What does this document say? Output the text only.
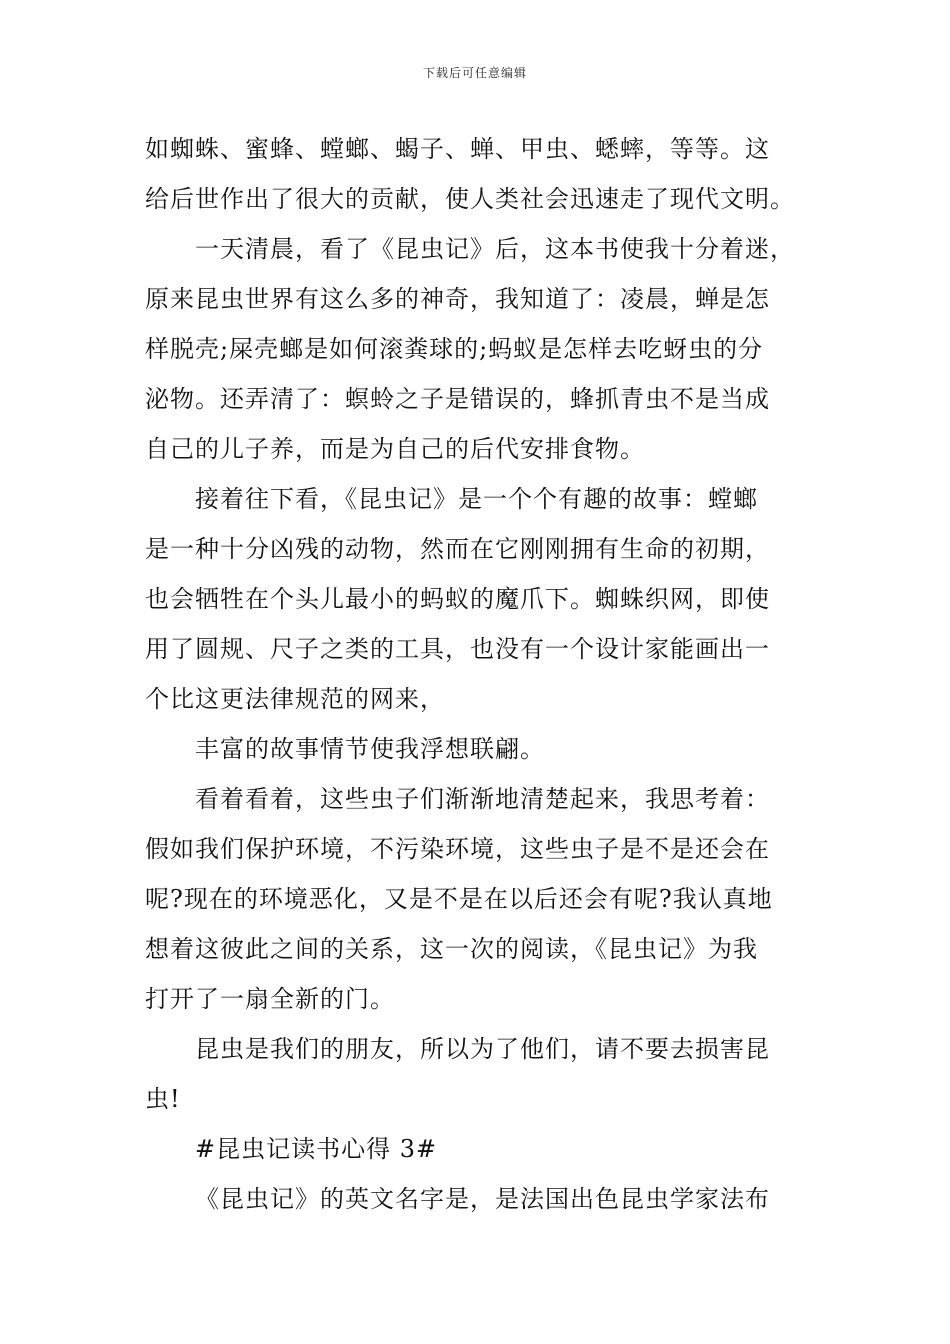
下载后可任意编辑
如蜘蛛、蜜蜂、螳螂、蝎子、蝉、甲虫、蟋蟀，等等。这
给后世作出了很大的贡献，使人类社会迅速走了现代文明。
一天清晨，看了《昆虫记》后，这本书使我十分着迷，
原来昆虫世界有这么多的神奇，我知道了：凌晨，蝉是怎
样脱壳;屎壳螂是如何滚粪球的;蚂蚁是怎样去吃蚜虫的分
泌物。还弄清了：螟蛉之子是错误的，蜂抓青虫不是当成
自己的儿子养，而是为自己的后代安排食物。
接着往下看，《昆虫记》是一个个有趣的故事：螳螂
是一种十分凶残的动物，然而在它刚刚拥有生命的初期，
也会牺牲在个头儿最小的蚂蚁的魔爪下。蜘蛛织网，即使
用了圆规、尺子之类的工具，也没有一个设计家能画出一
个比这更法律规范的网来，
丰富的故事情节使我浮想联翩。
看着看着，这些虫子们渐渐地清楚起来，我思考着：
假如我们保护环境，不污染环境，这些虫子是不是还会在
呢?现在的环境恶化，又是不是在以后还会有呢?我认真地
想着这彼此之间的关系，这一次的阅读，《昆虫记》为我
打开了一扇全新的门。
昆虫是我们的朋友，所以为了他们，请不要去损害昆
虫!
#昆虫记读书心得 3#
《昆虫记》的英文名字是，是法国出色昆虫学家法布
